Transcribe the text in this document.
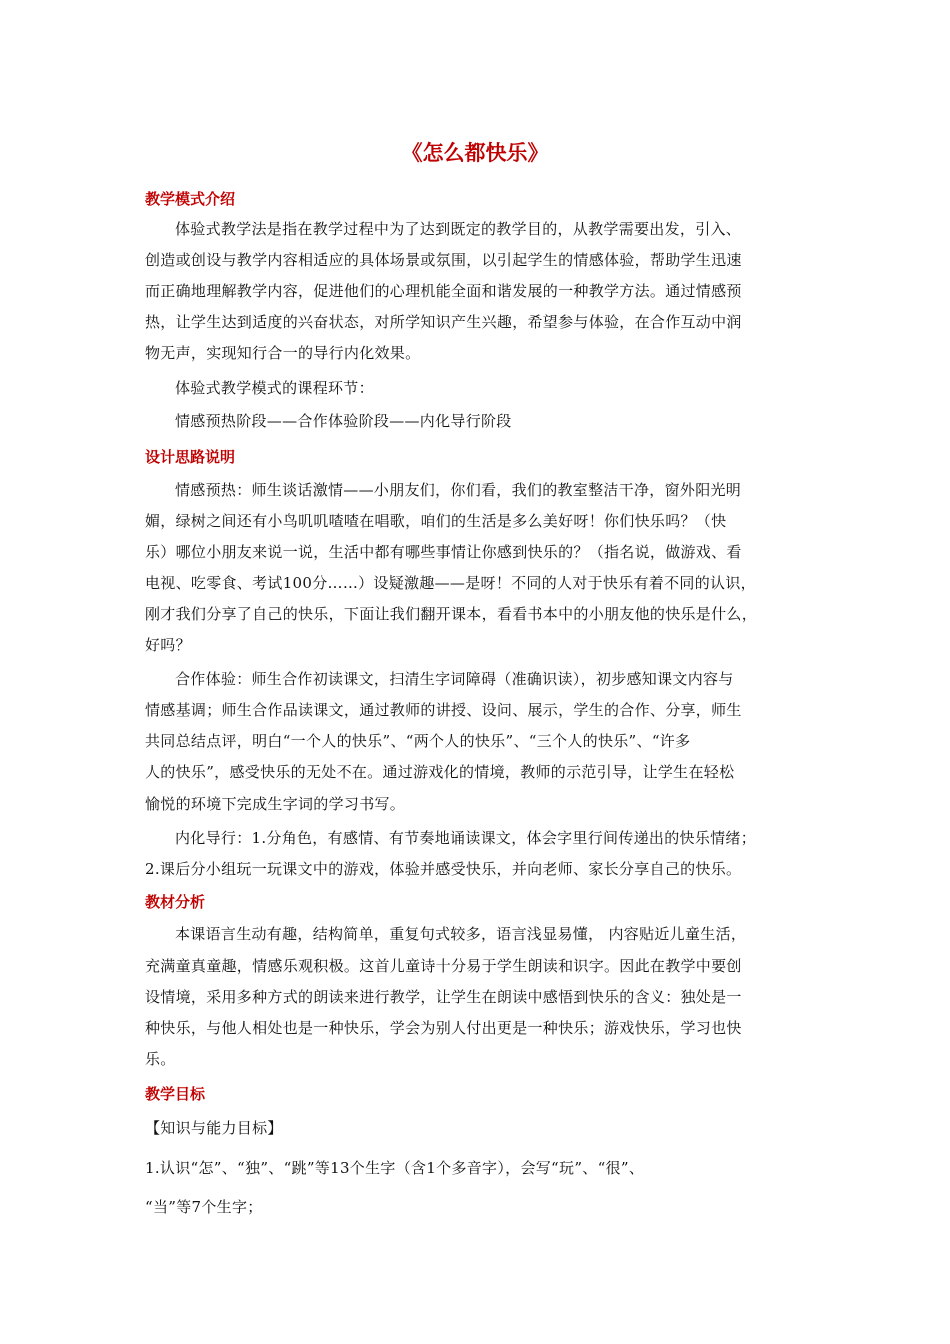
《怎么都快乐》
教学模式介绍
体验式教学法是指在教学过程中为了达到既定的教学目的，从教学需要出发，引入、
创造或创设与教学内容相适应的具体场景或氛围，以引起学生的情感体验，帮助学生迅速
而正确地理解教学内容，促进他们的心理机能全面和谐发展的一种教学方法。通过情感预
热，让学生达到适度的兴奋状态，对所学知识产生兴趣，希望参与体验，在合作互动中润
物无声，实现知行合一的导行内化效果。
体验式教学模式的课程环节：
情感预热阶段——合作体验阶段——内化导行阶段
设计思路说明
情感预热：师生谈话激情——小朋友们，你们看，我们的教室整洁干净，窗外阳光明
媚，绿树之间还有小鸟叽叽喳喳在唱歌，咱们的生活是多么美好呀！你们快乐吗？（快
乐）哪位小朋友来说一说，生活中都有哪些事情让你感到快乐的？（指名说，做游戏、看
电视、吃零食、考试100分……）设疑激趣——是呀！不同的人对于快乐有着不同的认识，
刚才我们分享了自己的快乐，下面让我们翻开课本，看看书本中的小朋友他的快乐是什么，
好吗？
合作体验：师生合作初读课文，扫清生字词障碍（准确识读），初步感知课文内容与
情感基调；师生合作品读课文，通过教师的讲授、设问、展示，学生的合作、分享，师生
共同总结点评，明白“一个人的快乐”、“两个人的快乐”、“三个人的快乐”、“许多
人的快乐”，感受快乐的无处不在。通过游戏化的情境，教师的示范引导，让学生在轻松
愉悦的环境下完成生字词的学习书写。
内化导行：1.分角色，有感情、有节奏地诵读课文，体会字里行间传递出的快乐情绪；
2.课后分小组玩一玩课文中的游戏，体验并感受快乐，并向老师、家长分享自己的快乐。
教材分析
本课语言生动有趣，结构简单，重复句式较多，语言浅显易懂， 内容贴近儿童生活，
充满童真童趣，情感乐观积极。这首儿童诗十分易于学生朗读和识字。因此在教学中要创
设情境，采用多种方式的朗读来进行教学，让学生在朗读中感悟到快乐的含义：独处是一
种快乐，与他人相处也是一种快乐，学会为别人付出更是一种快乐；游戏快乐，学习也快
乐。
教学目标
【知识与能力目标】
1.认识“怎”、“独”、“跳”等13个生字（含1个多音字），会写“玩”、“很”、
“当”等7个生字；
